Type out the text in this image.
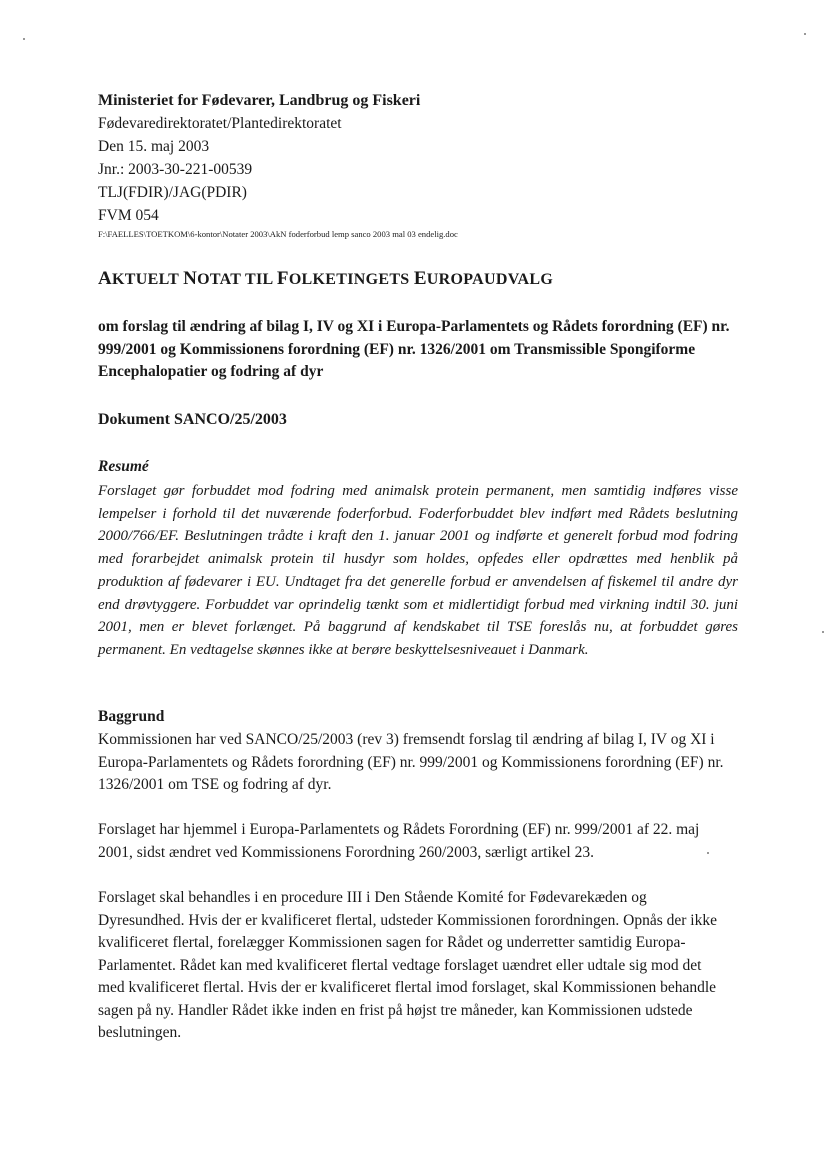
Ministeriet for Fødevarer, Landbrug og Fiskeri
Fødevaredirektoratet/Plantedirektoratet
Den 15. maj 2003
Jnr.: 2003-30-221-00539
TLJ(FDIR)/JAG(PDIR)
FVM 054
F:\FAELLES\TOETKOM\6-kontor\Notater 2003\AkN foderforbud lemp sanco 2003 mal 03 endelig.doc
AKTUELT NOTAT TIL FOLKETINGETS EUROPAUDVALG
om forslag til ændring af bilag I, IV og XI i Europa-Parlamentets og Rådets forordning (EF) nr. 999/2001 og Kommissionens forordning (EF) nr. 1326/2001 om Transmissible Spongiforme Encephalopatier og fodring af dyr
Dokument SANCO/25/2003
Resumé
Forslaget gør forbuddet mod fodring med animalsk protein permanent, men samtidig indføres visse lempelser i forhold til det nuværende foderforbud. Foderforbuddet blev indført med Rådets beslutning 2000/766/EF. Beslutningen trådte i kraft den 1. januar 2001 og indførte et generelt forbud mod fodring med forarbejdet animalsk protein til husdyr som holdes, opfedes eller opdrættes med henblik på produktion af fødevarer i EU. Undtaget fra det generelle forbud er anvendelsen af fiskemel til andre dyr end drøvtyggere. Forbuddet var oprindelig tænkt som et midlertidigt forbud med virkning indtil 30. juni 2001, men er blevet forlænget. På baggrund af kendskabet til TSE foreslås nu, at forbuddet gøres permanent. En vedtagelse skønnes ikke at berøre beskyttelsesniveauet i Danmark.
Baggrund
Kommissionen har ved SANCO/25/2003 (rev 3) fremsendt forslag til ændring af bilag I, IV og XI i Europa-Parlamentets og Rådets forordning (EF) nr. 999/2001 og Kommissionens forordning (EF) nr. 1326/2001 om TSE og fodring af dyr.
Forslaget har hjemmel i Europa-Parlamentets og Rådets Forordning (EF) nr. 999/2001 af 22. maj 2001, sidst ændret ved Kommissionens Forordning 260/2003, særligt artikel 23.
Forslaget skal behandles i en procedure III i Den Stående Komité for Fødevarekæden og Dyresundhed. Hvis der er kvalificeret flertal, udsteder Kommissionen forordningen. Opnås der ikke kvalificeret flertal, forelægger Kommissionen sagen for Rådet og underretter samtidig Europa-Parlamentet. Rådet kan med kvalificeret flertal vedtage forslaget uændret eller udtale sig mod det med kvalificeret flertal. Hvis der er kvalificeret flertal imod forslaget, skal Kommissionen behandle sagen på ny. Handler Rådet ikke inden en frist på højst tre måneder, kan Kommissionen udstede beslutningen.
